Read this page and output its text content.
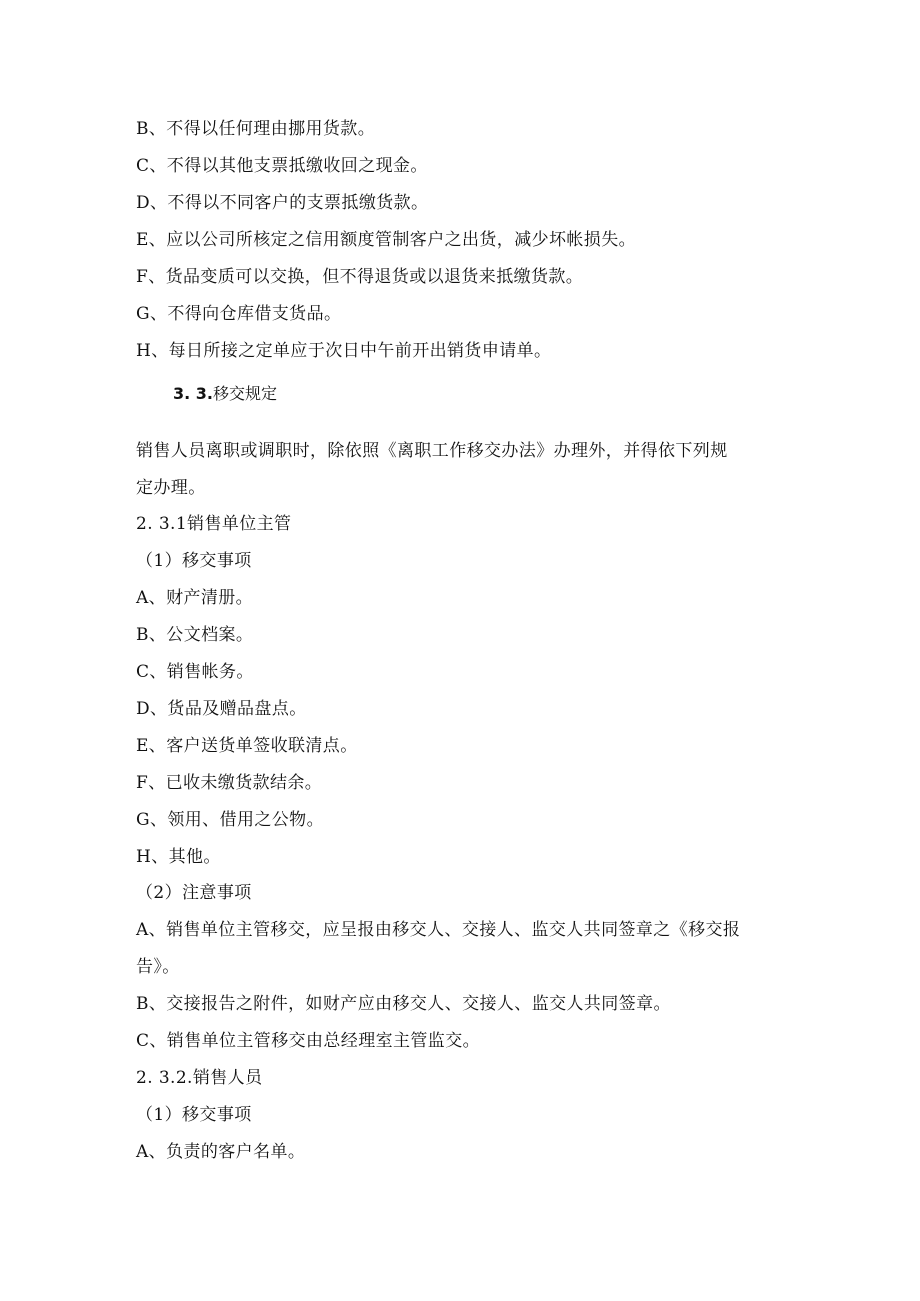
B、不得以任何理由挪用货款。
C、不得以其他支票抵缴收回之现金。
D、不得以不同客户的支票抵缴货款。
E、应以公司所核定之信用额度管制客户之出货，减少坏帐损失。
F、货品变质可以交换，但不得退货或以退货来抵缴货款。
G、不得向仓库借支货品。
H、每日所接之定单应于次日中午前开出销货申请单。
3. 3.移交规定
销售人员离职或调职时，除依照《离职工作移交办法》办理外，并得依下列规
定办理。
2. 3.1销售单位主管
（1）移交事项
A、财产清册。
B、公文档案。
C、销售帐务。
D、货品及赠品盘点。
E、客户送货单签收联清点。
F、已收未缴货款结余。
G、领用、借用之公物。
H、其他。
（2）注意事项
A、销售单位主管移交，应呈报由移交人、交接人、监交人共同签章之《移交报
告》。
B、交接报告之附件，如财产应由移交人、交接人、监交人共同签章。
C、销售单位主管移交由总经理室主管监交。
2. 3.2.销售人员
（1）移交事项
A、负责的客户名单。
